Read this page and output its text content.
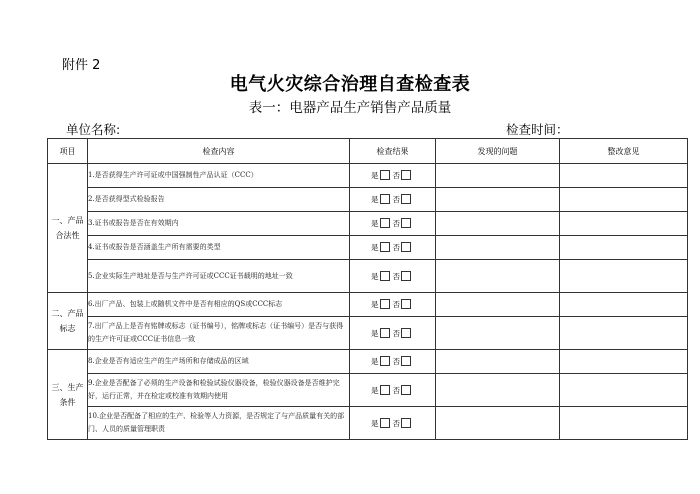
附件 2
电气火灾综合治理自查检查表
表一：电器产品生产销售产品质量
单位名称:	检查时间：
项目	检查内容	检查结果	发现的问题	整改意见
一、产品合法性	1.是否获得生产许可证或中国强制性产品认证（CCC）	是 否		
	2.是否获得型式检验报告	是 否		
	3.证书或报告是否在有效期内	是 否		
	4.证书或报告是否涵盖生产所有需要的类型	是 否		
	5.企业实际生产地址是否与生产许可证或CCC证书载明的地址一致	是 否		
二、产品标志	6.出厂产品、包装上或随机文件中是否有相应的QS或CCC标志	是 否		
	7.出厂产品上是否有铭牌或标志（证书编号），铭牌或标志（证书编号）是否与获得的生产许可证或CCC证书信息一致	是 否		
三、生产条件	8.企业是否有适应生产的生产场所和存储成品的区域	是 否		
	9.企业是否配备了必须的生产设备和检验试验仪器设备，检验仪器设备是否维护完好，运行正常，并在检定或校准有效期内使用	是 否		
	10.企业是否配备了相应的生产、检验等人力资源，是否规定了与产品质量有关的部门、人员的质量管理职责	是 否		
